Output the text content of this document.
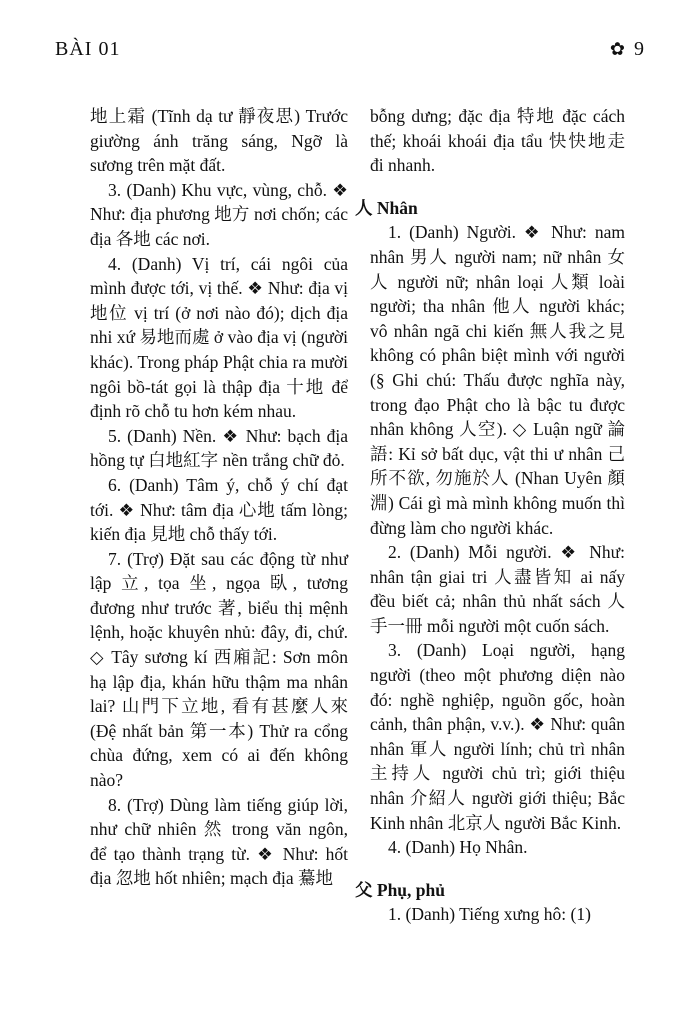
BÀI 01	✿ 9

地上霜 (Tĩnh dạ tư 靜夜思) Trước giường ánh trăng sáng, Ngỡ là sương trên mặt đất.

3. (Danh) Khu vực, vùng, chỗ. ❖ Như: địa phương 地方 nơi chốn; các địa 各地 các nơi.

4. (Danh) Vị trí, cái ngôi của mình được tới, vị thế. ❖ Như: địa vị 地位 vị trí (ở nơi nào đó); dịch địa nhi xứ 易地而處 ở vào địa vị (người khác). Trong pháp Phật chia ra mười ngôi bồ-tát gọi là thập địa 十地 để định rõ chỗ tu hơn kém nhau.

5. (Danh) Nền. ❖ Như: bạch địa hồng tự 白地紅字 nền trắng chữ đỏ.

6. (Danh) Tâm ý, chỗ ý chí đạt tới. ❖ Như: tâm địa 心地 tấm lòng; kiến địa 見地 chỗ thấy tới.

7. (Trợ) Đặt sau các động từ như lập 立, tọa 坐, ngọa 臥, tương đương như trước 著, biểu thị mệnh lệnh, hoặc khuyên nhủ: đây, đi, chứ. ◇ Tây sương kí 西廂記: Sơn môn hạ lập địa, khán hữu thậm ma nhân lai? 山門下立地, 看有甚麼人來 (Đệ nhất bản 第一本) Thử ra cổng chùa đứng, xem có ai đến không nào?

8. (Trợ) Dùng làm tiếng giúp lời, như chữ nhiên 然 trong văn ngôn, để tạo thành trạng từ. ❖ Như: hốt địa 忽地 hốt nhiên; mạch địa 驀地

bỗng dưng; đặc địa 特地 đặc cách thế; khoái khoái địa tẩu 快快地走 đi nhanh.

人 Nhân

1. (Danh) Người. ❖ Như: nam nhân 男人 người nam; nữ nhân 女人 người nữ; nhân loại 人類 loài người; tha nhân 他人 người khác; vô nhân ngã chi kiến 無人我之見 không có phân biệt mình với người (§ Ghi chú: Thấu được nghĩa này, trong đạo Phật cho là bậc tu được nhân không 人空). ◇ Luận ngữ 論語: Kỉ sở bất dục, vật thi ư nhân 己所不欲, 勿施於人 (Nhan Uyên 顏淵) Cái gì mà mình không muốn thì đừng làm cho người khác.

2. (Danh) Mỗi người. ❖ Như: nhân tận giai tri 人盡皆知 ai nấy đều biết cả; nhân thủ nhất sách 人手一冊 mỗi người một cuốn sách.

3. (Danh) Loại người, hạng người (theo một phương diện nào đó: nghề nghiệp, nguồn gốc, hoàn cảnh, thân phận, v.v.). ❖ Như: quân nhân 軍人 người lính; chủ trì nhân 主持人 người chủ trì; giới thiệu nhân 介紹人 người giới thiệu; Bắc Kinh nhân 北京人 người Bắc Kinh.

4. (Danh) Họ Nhân.

父 Phụ, phủ

1. (Danh) Tiếng xưng hô: (1)
